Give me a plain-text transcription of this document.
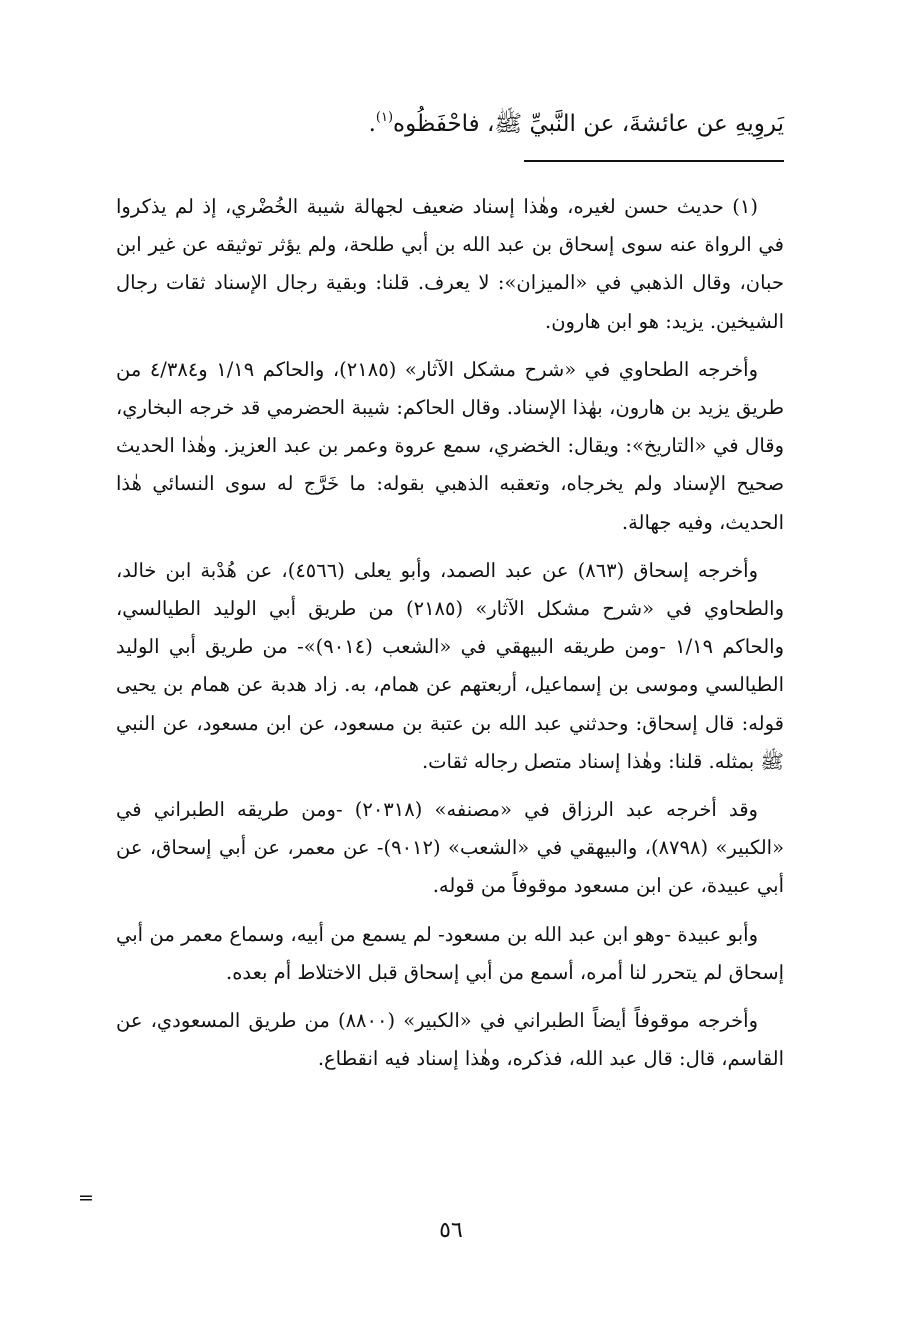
يَروِيهِ عن عائشةَ، عن النَّبيِّ ﷺ، فاحْفَظُوه$^{(١)}$.

(١) حديث حسن لغيره، وهٰذا إسناد ضعيف لجهالة شيبة الخُضْري، إذ لم يذكروا في الرواة عنه سوى إسحاق بن عبد الله بن أبي طلحة، ولم يؤثر توثيقه عن غير ابن حبان، وقال الذهبي في «الميزان»: لا يعرف. قلنا: وبقية رجال الإسناد ثقات رجال الشيخين. يزيد: هو ابن هارون.

وأخرجه الطحاوي في «شرح مشكل الآثار» (٢١٨٥)، والحاكم ١/١٩ و٤/٣٨٤ من طريق يزيد بن هارون، بهٰذا الإسناد. وقال الحاكم: شيبة الحضرمي قد خرجه البخاري، وقال في «التاريخ»: ويقال: الخضري، سمع عروة وعمر بن عبد العزيز. وهٰذا الحديث صحيح الإسناد ولم يخرجاه، وتعقبه الذهبي بقوله: ما خَرَّج له سوى النسائي هٰذا الحديث، وفيه جهالة.

وأخرجه إسحاق (٨٦٣) عن عبد الصمد، وأبو يعلى (٤٥٦٦)، عن هُدْبة ابن خالد، والطحاوي في «شرح مشكل الآثار» (٢١٨٥) من طريق أبي الوليد الطيالسي، والحاكم ١/١٩ -ومن طريقه البيهقي في «الشعب (٩٠١٤)»- من طريق أبي الوليد الطيالسي وموسى بن إسماعيل، أربعتهم عن همام، به. زاد هدبة عن همام بن يحيى قوله: قال إسحاق: وحدثني عبد الله بن عتبة بن مسعود، عن ابن مسعود، عن النبي ﷺ بمثله. قلنا: وهٰذا إسناد متصل رجاله ثقات.

وقد أخرجه عبد الرزاق في «مصنفه» (٢٠٣١٨) -ومن طريقه الطبراني في «الكبير» (٨٧٩٨)، والبيهقي في «الشعب» (٩٠١٢)- عن معمر، عن أبي إسحاق، عن أبي عبيدة، عن ابن مسعود موقوفاً من قوله.

وأبو عبيدة -وهو ابن عبد الله بن مسعود- لم يسمع من أبيه، وسماع معمر من أبي إسحاق لم يتحرر لنا أمره، أسمع من أبي إسحاق قبل الاختلاط أم بعده.

وأخرجه موقوفاً أيضاً الطبراني في «الكبير» (٨٨٠٠) من طريق المسعودي، عن القاسم، قال: قال عبد الله، فذكره، وهٰذا إسناد فيه انقطاع.

=
٥٦
